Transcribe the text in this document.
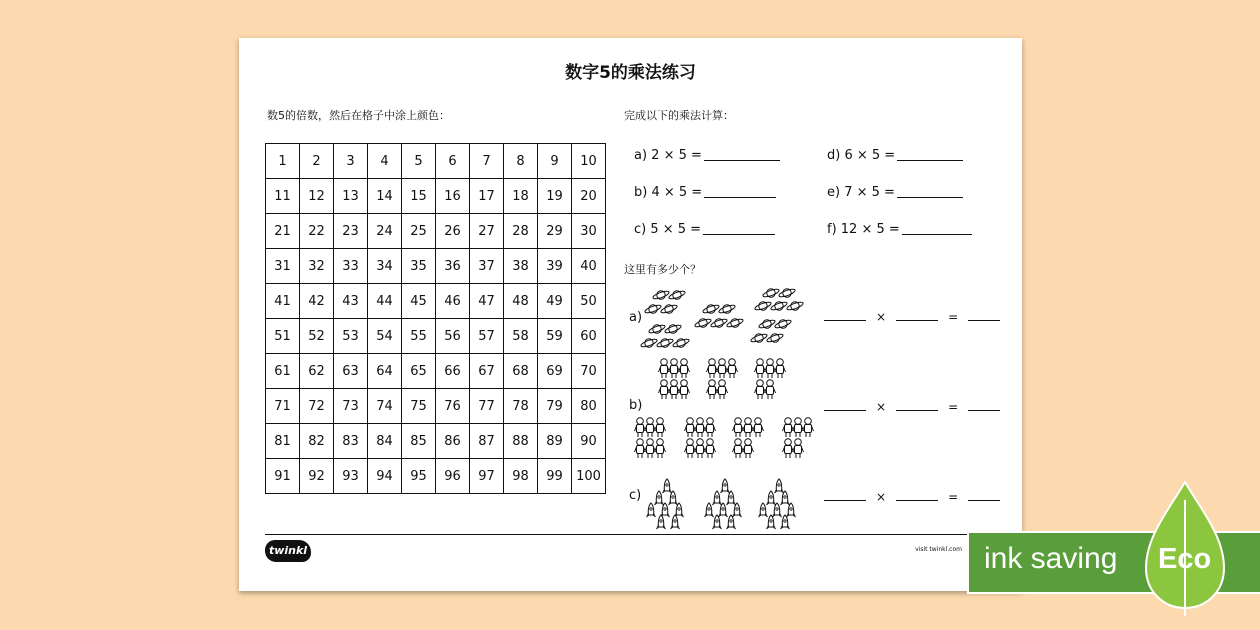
数字5的乘法练习
数5的倍数，然后在格子中涂上颜色：	完成以下的乘法计算：
1	2	3	4	5	6	7	8	9	10
11	12	13	14	15	16	17	18	19	20
21	22	23	24	25	26	27	28	29	30
31	32	33	34	35	36	37	38	39	40
41	42	43	44	45	46	47	48	49	50
51	52	53	54	55	56	57	58	59	60
61	62	63	64	65	66	67	68	69	70
71	72	73	74	75	76	77	78	79	80
81	82	83	84	85	86	87	88	89	90
91	92	93	94	95	96	97	98	99	100
a) 2 × 5 =
b) 4 × 5 =
c) 5 × 5 =
d) 6 × 5 =
e) 7 × 5 =
f) 12 × 5 =
这里有多少个？
a)	×	=
b)	×	=
c)	×	=
twinkl	visit twinkl.com ink saving Eco
